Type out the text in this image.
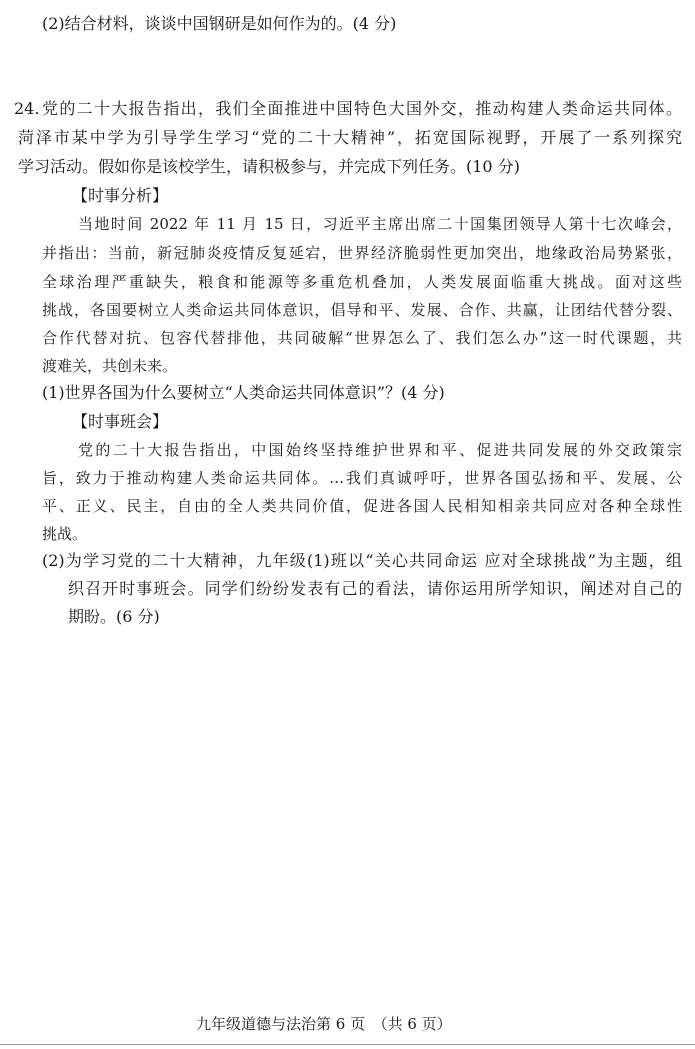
(2)结合材料，谈谈中国钢研是如何作为的。(4 分)
24. 党的二十大报告指出，我们全面推进中国特色大国外交，推动构建人类命运共同体。
菏泽市某中学为引导学生学习“党的二十大精神”，拓宽国际视野，开展了一系列探究
学习活动。假如你是该校学生，请积极参与，并完成下列任务。(10 分)
【时事分析】
当地时间 2022 年 11 月 15 日，习近平主席出席二十国集团领导人第十七次峰会，
并指出：当前，新冠肺炎疫情反复延宕，世界经济脆弱性更加突出，地缘政治局势紧张，
全球治理严重缺失，粮食和能源等多重危机叠加，人类发展面临重大挑战。面对这些
挑战，各国要树立人类命运共同体意识，倡导和平、发展、合作、共赢，让团结代替分裂、
合作代替对抗、包容代替排他，共同破解“世界怎么了、我们怎么办”这一时代课题，共
渡难关，共创未来。
(1)世界各国为什么要树立“人类命运共同体意识”？(4 分)
【时事班会】
党的二十大报告指出，中国始终坚持维护世界和平、促进共同发展的外交政策宗
旨，致力于推动构建人类命运共同体。…我们真诚呼吁，世界各国弘扬和平、发展、公
平、正义、民主，自由的全人类共同价值，促进各国人民相知相亲共同应对各种全球性
挑战。
(2)为学习党的二十大精神，九年级(1)班以“关心共同命运 应对全球挑战”为主题，组
织召开时事班会。同学们纷纷发表有己的看法，请你运用所学知识，阐述对自己的
期盼。(6 分)
九年级道德与法治第 6 页　（共 6 页）
